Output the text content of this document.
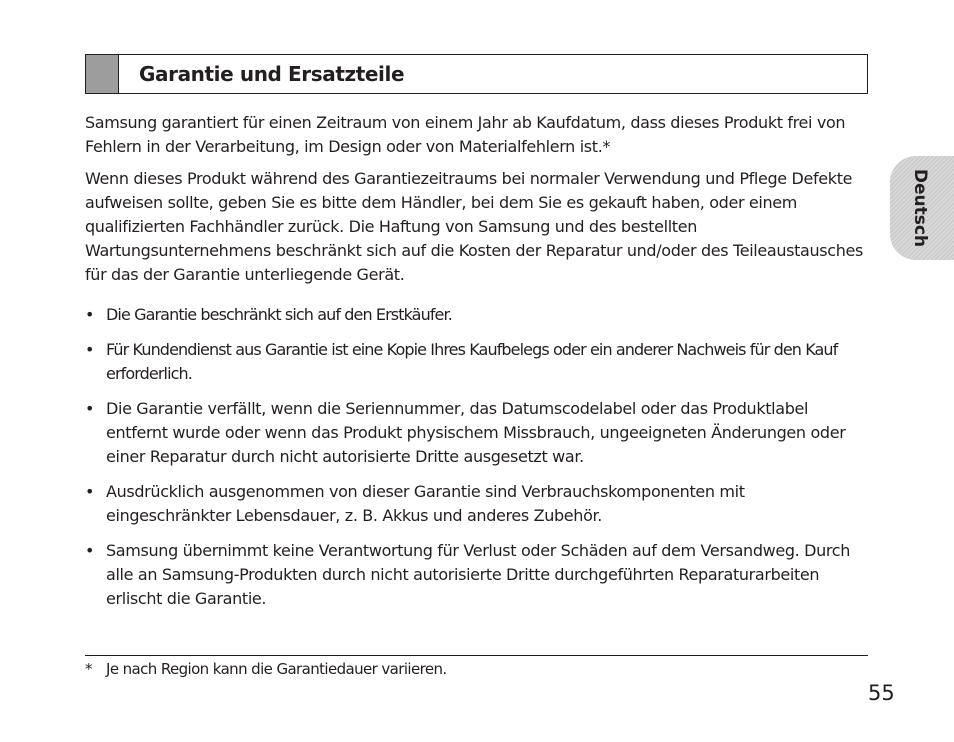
Garantie und Ersatzteile
Deutsch

Samsung garantiert für einen Zeitraum von einem Jahr ab Kaufdatum, dass dieses Produkt frei von Fehlern in der Verarbeitung, im Design oder von Materialfehlern ist.*

Wenn dieses Produkt während des Garantiezeitraums bei normaler Verwendung und Pflege Defekte aufweisen sollte, geben Sie es bitte dem Händler, bei dem Sie es gekauft haben, oder einem qualifizierten Fachhändler zurück. Die Haftung von Samsung und des bestellten Wartungsunternehmens beschränkt sich auf die Kosten der Reparatur und/oder des Teileaustausches für das der Garantie unterliegende Gerät.

• Die Garantie beschränkt sich auf den Erstkäufer.
• Für Kundendienst aus Garantie ist eine Kopie Ihres Kaufbelegs oder ein anderer Nachweis für den Kauf erforderlich.
• Die Garantie verfällt, wenn die Seriennummer, das Datumscodelabel oder das Produktlabel entfernt wurde oder wenn das Produkt physischem Missbrauch, ungeeigneten Änderungen oder einer Reparatur durch nicht autorisierte Dritte ausgesetzt war.
• Ausdrücklich ausgenommen von dieser Garantie sind Verbrauchskomponenten mit eingeschränkter Lebensdauer, z. B. Akkus und anderes Zubehör.
• Samsung übernimmt keine Verantwortung für Verlust oder Schäden auf dem Versandweg. Durch alle an Samsung-Produkten durch nicht autorisierte Dritte durchgeführten Reparaturarbeiten erlischt die Garantie.
* Je nach Region kann die Garantiedauer variieren.
55
